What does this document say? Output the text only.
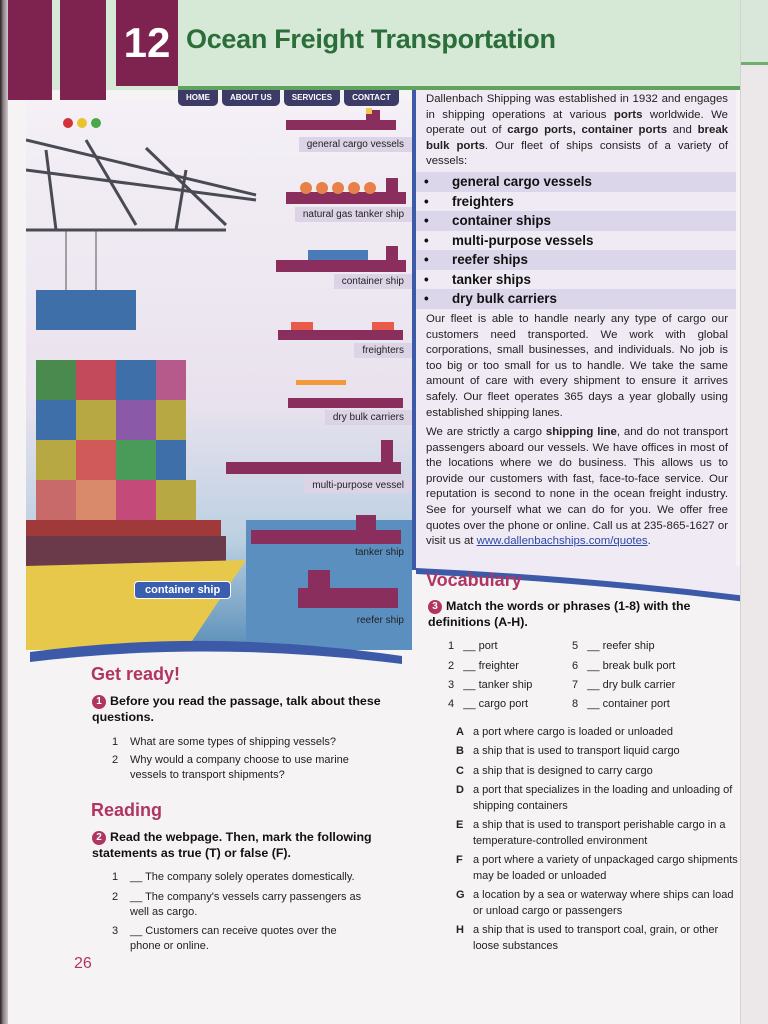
12 Ocean Freight Transportation
HOME	ABOUT US	SERVICES	CONTACT
general cargo vessels
natural gas tanker ship
container ship
freighters
dry bulk carriers
multi-purpose vessel
tanker ship
reefer ship
container ship

Dallenbach Shipping was established in 1932 and engages in shipping operations at various ports worldwide. We operate out of cargo ports, container ports and break bulk ports. Our fleet of ships consists of a variety of vessels:

• general cargo vessels
• freighters
• container ships
• multi-purpose vessels
• reefer ships
• tanker ships
• dry bulk carriers

Our fleet is able to handle nearly any type of cargo our customers need transported. We work with global corporations, small businesses, and individuals. No job is too big or too small for us to handle. We take the same amount of care with every shipment to ensure it arrives safely. Our fleet operates 365 days a year globally using established shipping lanes.

We are strictly a cargo shipping line, and do not transport passengers aboard our vessels. We have offices in most of the locations where we do business. This allows us to provide our customers with fast, face-to-face service. Our reputation is second to none in the ocean freight industry. See for yourself what we can do for you. We offer free quotes over the phone or online. Call us at 235-865-1627 or visit us at www.dallenbachships.com/quotes.

Vocabulary
3 Match the words or phrases (1-8) with the definitions (A-H).
1 __ port
2 __ freighter
3 __ tanker ship
4 __ cargo port
5 __ reefer ship
6 __ break bulk port
7 __ dry bulk carrier
8 __ container port
A a port where cargo is loaded or unloaded
B a ship that is used to transport liquid cargo
C a ship that is designed to carry cargo
D a port that specializes in the loading and unloading of shipping containers
E a ship that is used to transport perishable cargo in a temperature-controlled environment
F a port where a variety of unpackaged cargo shipments may be loaded or unloaded
G a location by a sea or waterway where ships can load or unload cargo or passengers
H a ship that is used to transport coal, grain, or other loose substances
Get ready!
1 Before you read the passage, talk about these questions.
1 What are some types of shipping vessels?
2 Why would a company choose to use marine vessels to transport shipments?
Reading
2 Read the webpage. Then, mark the following statements as true (T) or false (F).
1 __ The company solely operates domestically.
2 __ The company's vessels carry passengers as well as cargo.
3 __ Customers can receive quotes over the phone or online.
26
